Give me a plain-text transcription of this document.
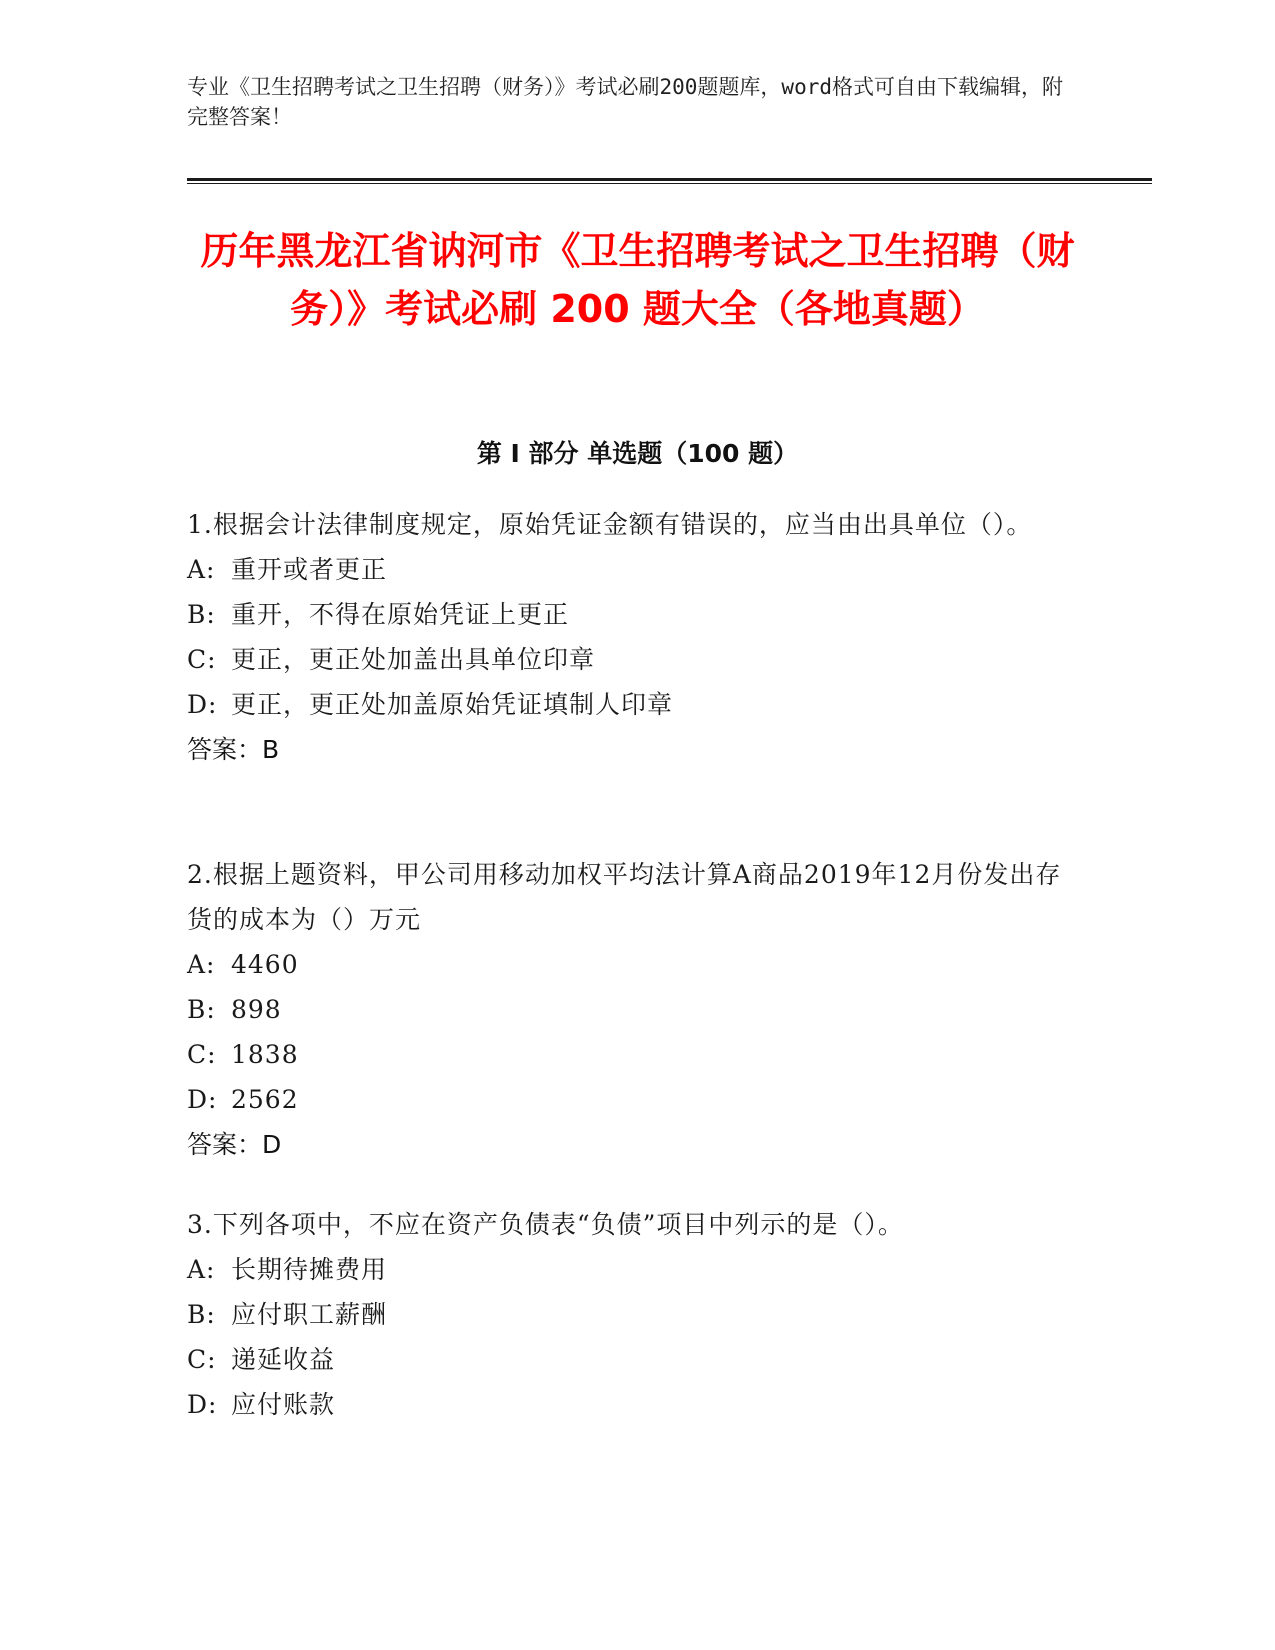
专业《卫生招聘考试之卫生招聘（财务）》考试必刷200题题库，word格式可自由下载编辑，附完整答案！
历年黑龙江省讷河市《卫生招聘考试之卫生招聘（财务）》考试必刷 200 题大全（各地真题）
第 I 部分 单选题（100 题）

1.根据会计法律制度规定，原始凭证金额有错误的，应当由出具单位（）。

A: 重开或者更正

B: 重开，不得在原始凭证上更正

C: 更正，更正处加盖出具单位印章

D: 更正，更正处加盖原始凭证填制人印章

答案：B

2.根据上题资料，甲公司用移动加权平均法计算A商品2019年12月份发出存货的成本为（）万元

A: 4460

B: 898

C: 1838

D: 2562

答案：D

3.下列各项中，不应在资产负债表“负债”项目中列示的是（）。

A: 长期待摊费用

B: 应付职工薪酬

C: 递延收益

D: 应付账款
